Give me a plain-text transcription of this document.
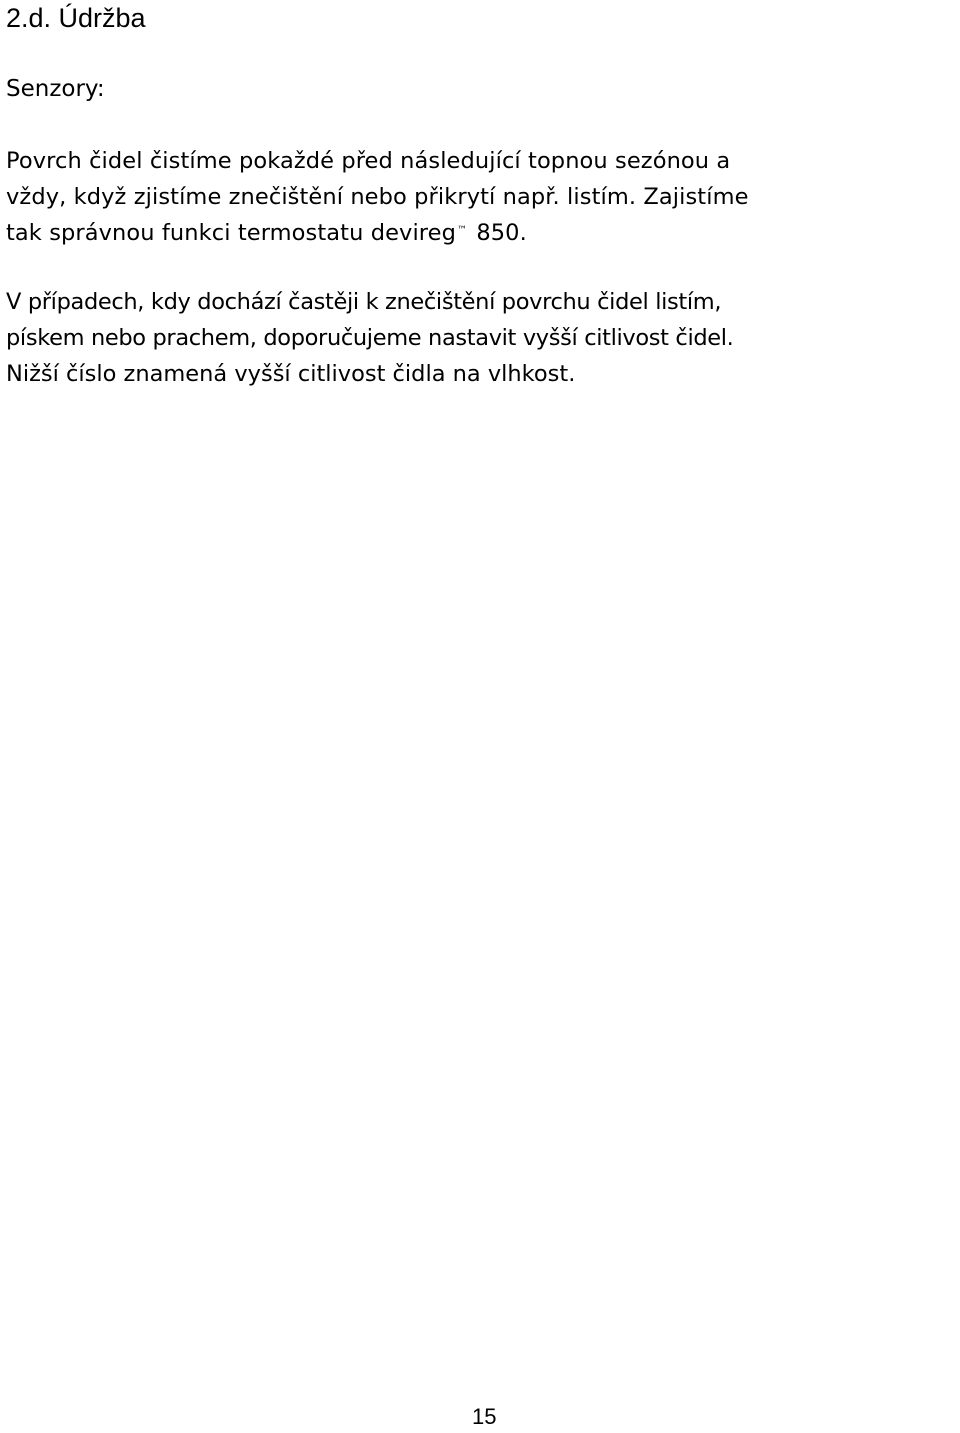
2.d. Údržba
Senzory:

Povrch čidel čistíme pokaždé před následující topnou sezónou a
vždy, když zjistíme znečištění nebo přikrytí např. listím. Zajistíme
tak správnou funkci termostatu devireg™ 850.

V případech, kdy dochází častěji k znečištění povrchu čidel listím,
pískem nebo prachem, doporučujeme nastavit vyšší citlivost čidel.
Nižší číslo znamená vyšší citlivost čidla na vlhkost.

15
